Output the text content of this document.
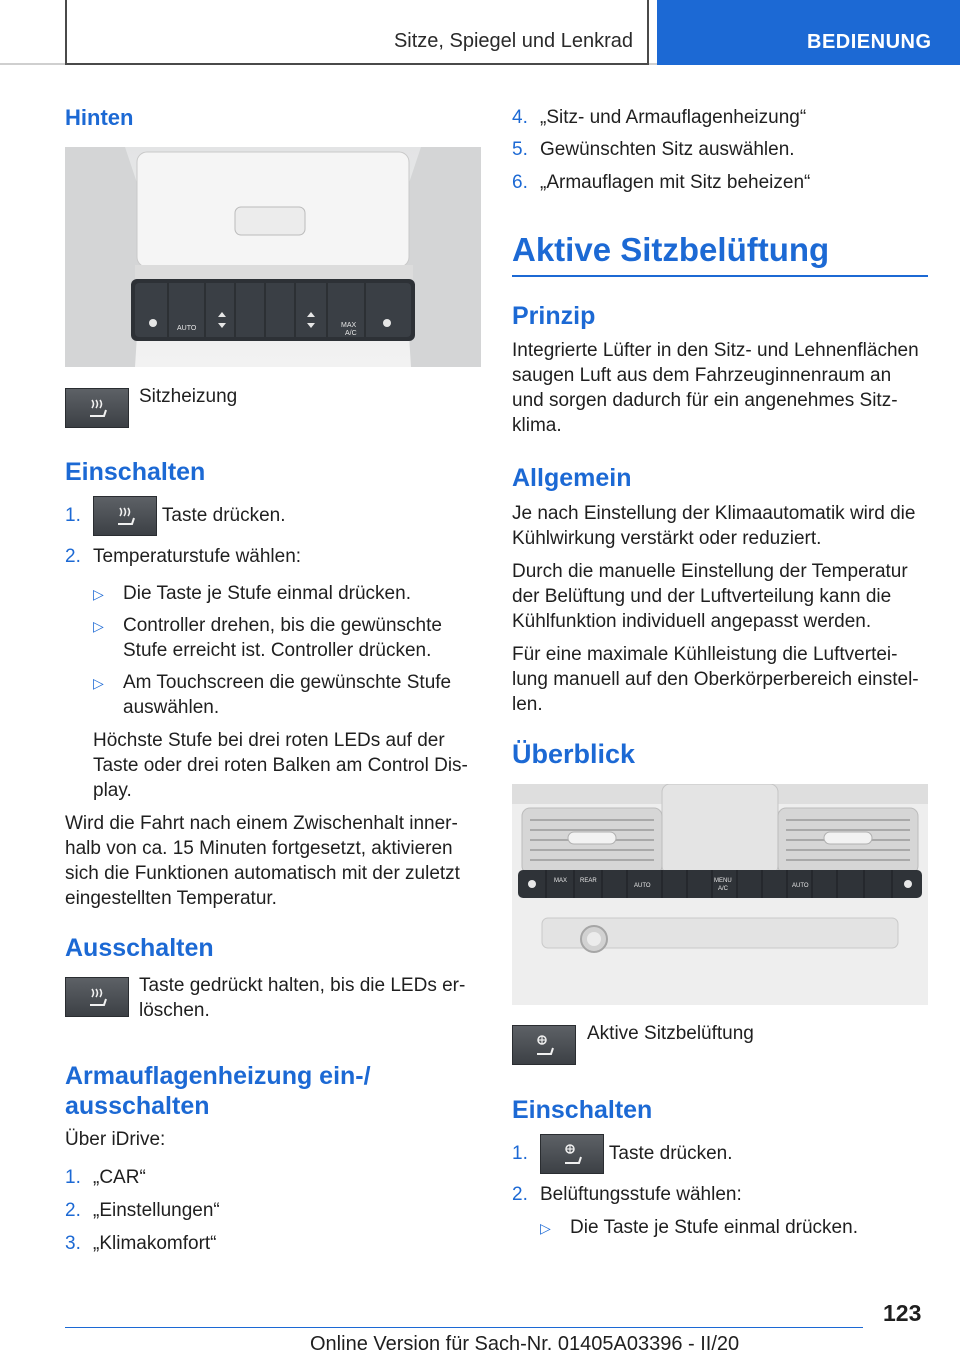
Sitze, Spiegel und Lenkrad	BEDIENUNG
Hinten
AUTO	MAX
A/C

Sitzheizung

Einschalten

1.	Taste drücken.

2. Temperaturstufe wählen:

▷ Die Taste je Stufe einmal drücken.

▷ Controller drehen, bis die gewünschte

Stufe erreicht ist. Controller drücken.

▷ Am Touchscreen die gewünschte Stufe

auswählen.

Höchste Stufe bei drei roten LEDs auf der

Taste oder drei roten Balken am Control Dis-

play.

Wird die Fahrt nach einem Zwischenhalt inner-

halb von ca. 15 Minuten fortgesetzt, aktivieren

sich die Funktionen automatisch mit der zuletzt

eingestellten Temperatur.

Ausschalten

Taste gedrückt halten, bis die LEDs er-

löschen.

Armauflagenheizung ein-/
ausschalten

Über iDrive:

1. „CAR“

2. „Einstellungen“

3. „Klimakomfort“

4. „Sitz- und Armauflagenheizung“

5. Gewünschten Sitz auswählen.

6. „Armauflagen mit Sitz beheizen“

Aktive Sitzbelüftung
Prinzip

Integrierte Lüfter in den Sitz- und Lehnenflächen

saugen Luft aus dem Fahrzeuginnenraum an

und sorgen dadurch für ein angenehmes Sitz-

klima.

Allgemein

Je nach Einstellung der Klimaautomatik wird die

Kühlwirkung verstärkt oder reduziert.

Durch die manuelle Einstellung der Temperatur

der Belüftung und der Luftverteilung kann die

Kühlfunktion individuell angepasst werden.

Für eine maximale Kühlleistung die Luftvertei-

lung manuell auf den Oberkörperbereich einstel-

len.

Überblick
MAX REAR
AUTO
MENU
A/C	AUTO

Aktive Sitzbelüftung

Einschalten

1.	Taste drücken.

2. Belüftungsstufe wählen:

▷ Die Taste je Stufe einmal drücken.

123
Online Version für Sach-Nr. 01405A03396 - II/20
